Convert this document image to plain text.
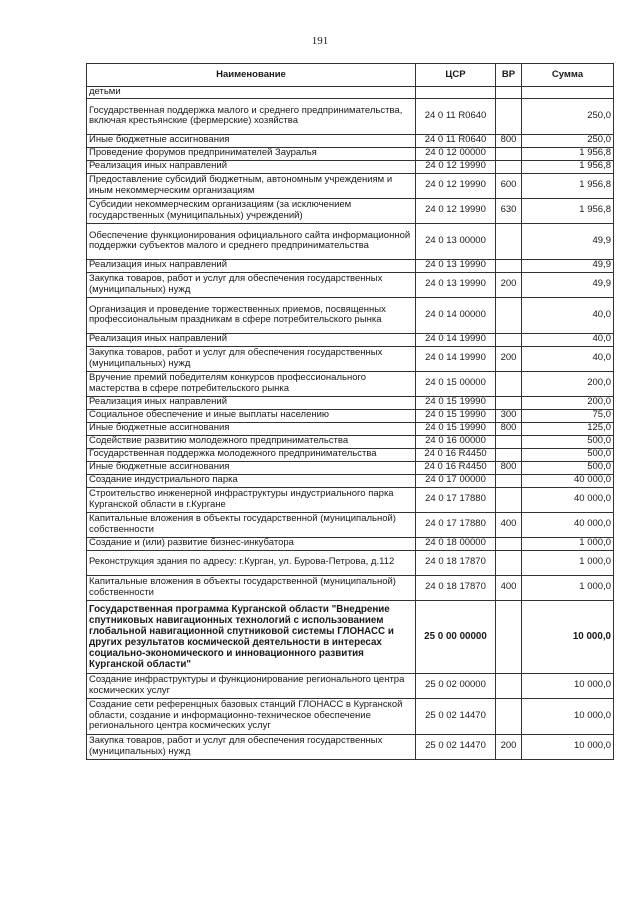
191
Наименование	ЦСР	ВР	Сумма
детьми			
Государственная поддержка малого и среднего предпринимательства, включая крестьянские (фермерские) хозяйства	24 0 11 R0640		250,0
Иные бюджетные ассигнования	24 0 11 R0640	800	250,0
Проведение форумов предпринимателей Зауралья	24 0 12 00000		1 956,8
Реализация иных направлений	24 0 12 19990		1 956,8
Предоставление субсидий бюджетным, автономным учреждениям и иным некоммерческим организациям	24 0 12 19990	600	1 956,8
Субсидии некоммерческим организациям (за исключением государственных (муниципальных) учреждений)	24 0 12 19990	630	1 956,8
Обеспечение функционирования официального сайта информационной поддержки субъектов малого и среднего предпринимательства	24 0 13 00000		49,9
Реализация иных направлений	24 0 13 19990		49,9
Закупка товаров, работ и услуг для обеспечения государственных (муниципальных) нужд	24 0 13 19990	200	49,9
Организация и проведение торжественных приемов, посвященных профессиональным праздникам в сфере потребительского рынка	24 0 14 00000		40,0
Реализация иных направлений	24 0 14 19990		40,0
Закупка товаров, работ и услуг для обеспечения государственных (муниципальных) нужд	24 0 14 19990	200	40,0
Вручение премий победителям конкурсов профессионального мастерства в сфере потребительского рынка	24 0 15 00000		200,0
Реализация иных направлений	24 0 15 19990		200,0
Социальное обеспечение и иные выплаты населению	24 0 15 19990	300	75,0
Иные бюджетные ассигнования	24 0 15 19990	800	125,0
Содействие развитию молодежного предпринимательства	24 0 16 00000		500,0
Государственная поддержка молодежного предпринимательства	24 0 16 R4450		500,0
Иные бюджетные ассигнования	24 0 16 R4450	800	500,0
Создание индустриального парка	24 0 17 00000		40 000,0
Строительство инженерной инфраструктуры индустриального парка Курганской области в г.Кургане	24 0 17 17880		40 000,0
Капитальные вложения в объекты государственной (муниципальной) собственности	24 0 17 17880	400	40 000,0
Создание и (или) развитие бизнес-инкубатора	24 0 18 00000		1 000,0
Реконструкция здания по адресу: г.Курган, ул. Бурова-Петрова, д.112	24 0 18 17870		1 000,0
Капитальные вложения в объекты государственной (муниципальной) собственности	24 0 18 17870	400	1 000,0
Государственная программа Курганской области "Внедрение спутниковых навигационных технологий с использованием глобальной навигационной спутниковой системы ГЛОНАСС и других результатов космической деятельности в интересах социально-экономического и инновационного развития Курганской области"	25 0 00 00000		10 000,0
Создание инфраструктуры и функционирование регионального центра космических услуг	25 0 02 00000		10 000,0
Создание сети референцных базовых станций ГЛОНАСС в Курганской области, создание и информационно-техническое обеспечение регионального центра космических услуг	25 0 02 14470		10 000,0
Закупка товаров, работ и услуг для обеспечения государственных (муниципальных) нужд	25 0 02 14470	200	10 000,0
